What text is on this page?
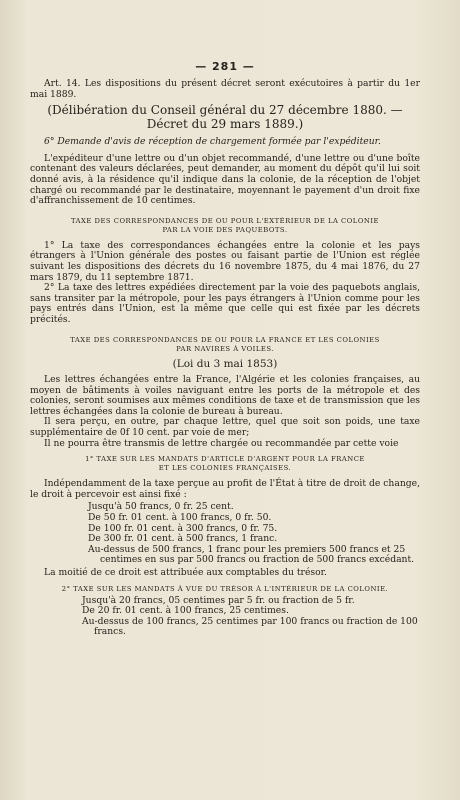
— 281 —

Art. 14. Les dispositions du présent décret seront exécutoires à partir du 1er mai 1889.

(Délibération du Conseil général du 27 décembre 1880. — Décret du 29 mars 1889.)

6° Demande d'avis de réception de chargement formée par l'expéditeur.

L'expéditeur d'une lettre ou d'un objet recommandé, d'une lettre ou d'une boîte contenant des valeurs déclarées, peut demander, au moment du dépôt qu'il lui soit donné avis, à la résidence qu'il indique dans la colonie, de la réception de l'objet chargé ou recommandé par le destinataire, moyennant le payement d'un droit fixe d'affranchissement de 10 centimes.

TAXE DES CORRESPONDANCES DE OU POUR L'EXTÉRIEUR DE LA COLONIE
PAR LA VOIE DES PAQUEBOTS.

1° La taxe des correspondances échangées entre la colonie et les pays étrangers à l'Union générale des postes ou faisant partie de l'Union est réglée suivant les dispositions des décrets du 16 novembre 1875, du 4 mai 1876, du 27 mars 1879, du 11 septembre 1871.

2° La taxe des lettres expédiées directement par la voie des paquebots anglais, sans transiter par la métropole, pour les pays étrangers à l'Union comme pour les pays entrés dans l'Union, est la même que celle qui est fixée par les décrets précités.

TAXE DES CORRESPONDANCES DE OU POUR LA FRANCE ET LES COLONIES
PAR NAVIRES À VOILES.

(Loi du 3 mai 1853)

Les lettres échangées entre la France, l'Algérie et les colonies françaises, au moyen de bâtiments à voiles naviguant entre les ports de la métropole et des colonies, seront soumises aux mêmes conditions de taxe et de transmission que les lettres échangées dans la colonie de bureau à bureau.

Il sera perçu, en outre, par chaque lettre, quel que soit son poids, une taxe supplémentaire de 0f 10 cent. par voie de mer;

Il ne pourra être transmis de lettre chargée ou recommandée par cette voie

1° TAXE SUR LES MANDATS D'ARTICLE D'ARGENT POUR LA FRANCE
ET LES COLONIES FRANÇAISES.

Indépendamment de la taxe perçue au profit de l'État à titre de droit de change, le droit à percevoir est ainsi fixé :

Jusqu'à 50 francs, 0 fr. 25 cent.
De 50 fr. 01 cent. à 100 francs, 0 fr. 50.
De 100 fr. 01 cent. à 300 francs, 0 fr. 75.
De 300 fr. 01 cent. à 500 francs, 1 franc.
Au-dessus de 500 francs, 1 franc pour les premiers 500 francs et 25 centimes en sus par 500 francs ou fraction de 500 francs excédant.

La moitié de ce droit est attribuée aux comptables du trésor.

2° TAXE SUR LES MANDATS À VUE DU TRÉSOR À L'INTÉRIEUR DE LA COLONIE.
Jusqu'à 20 francs, 05 centimes par 5 fr. ou fraction de 5 fr.
De 20 fr. 01 cent. à 100 francs, 25 centimes.
Au-dessus de 100 francs, 25 centimes par 100 francs ou fraction de 100 francs.
